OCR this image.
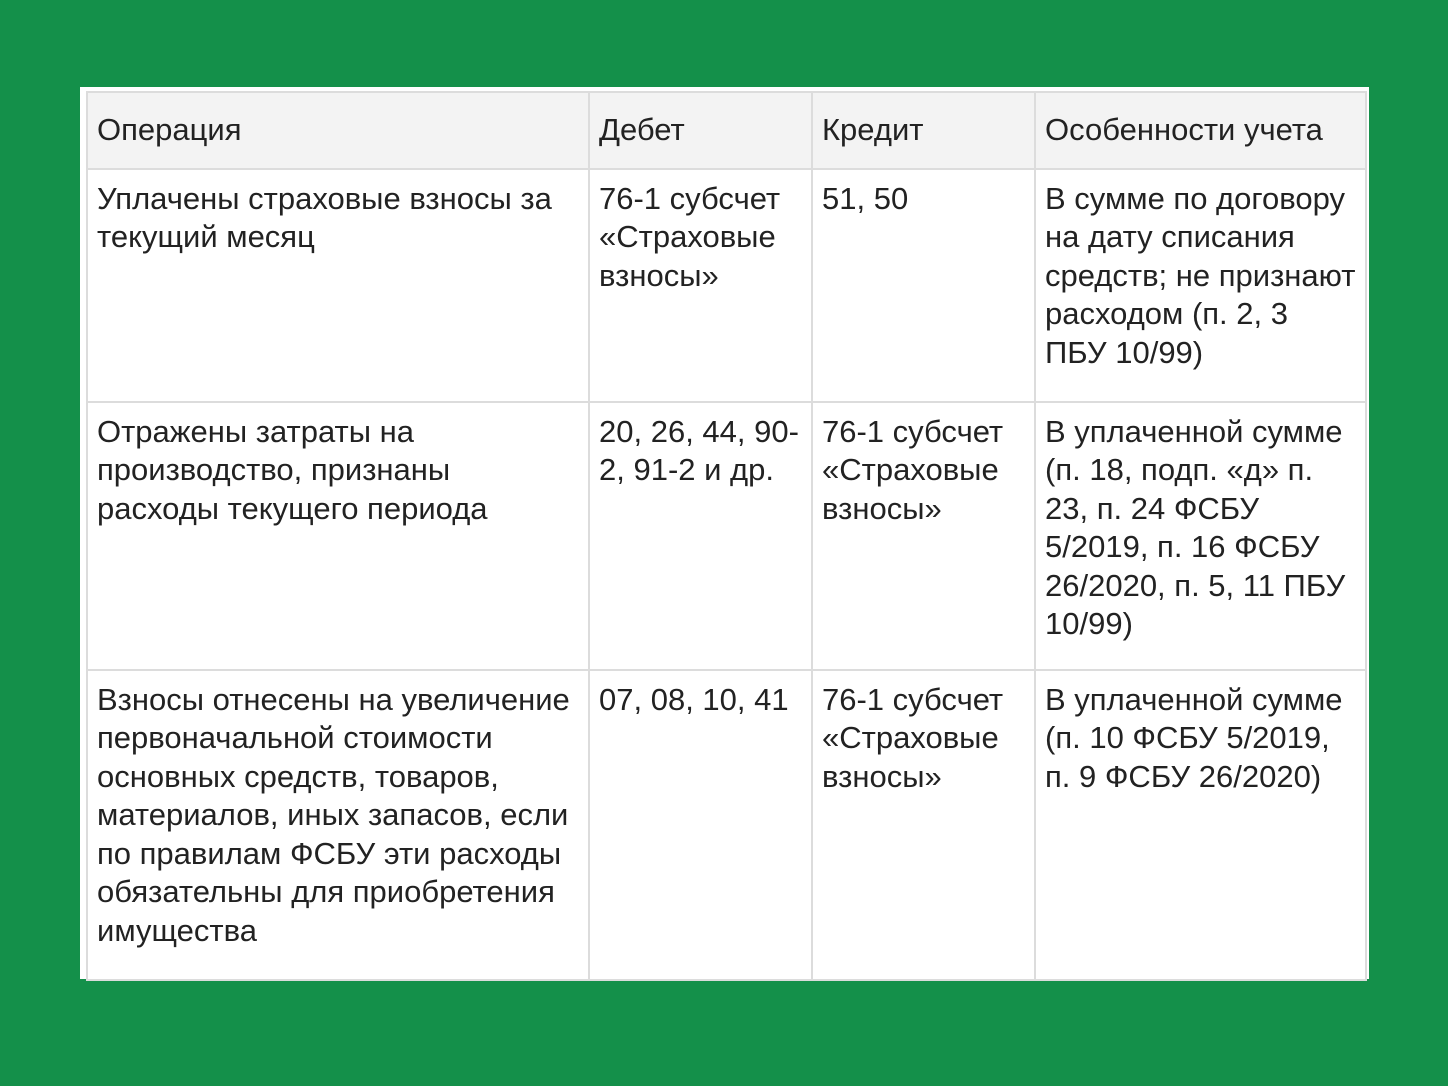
Операция	Дебет	Кредит	Особенности учета

Уплачены страховые взносы за текущий месяц	76-1 субсчет «Страховые взносы»	51, 50	В сумме по договору на дату списания средств; не признают расходом (п. 2, 3 ПБУ 10/99)

Отражены затраты на производство, признаны расходы текущего периода	20, 26, 44, 90-2, 91-2 и др.	76-1 субсчет «Страховые взносы»	В уплаченной сумме (п. 18, подп. «д» п. 23, п. 24 ФСБУ 5/2019, п. 16 ФСБУ 26/2020, п. 5, 11 ПБУ 10/99)

Взносы отнесены на увеличение первоначальной стоимости основных средств, товаров, материалов, иных запасов, если по правилам ФСБУ эти расходы обязательны для приобретения имущества	07, 08, 10, 41	76-1 субсчет «Страховые взносы»	В уплаченной сумме (п. 10 ФСБУ 5/2019, п. 9 ФСБУ 26/2020)
